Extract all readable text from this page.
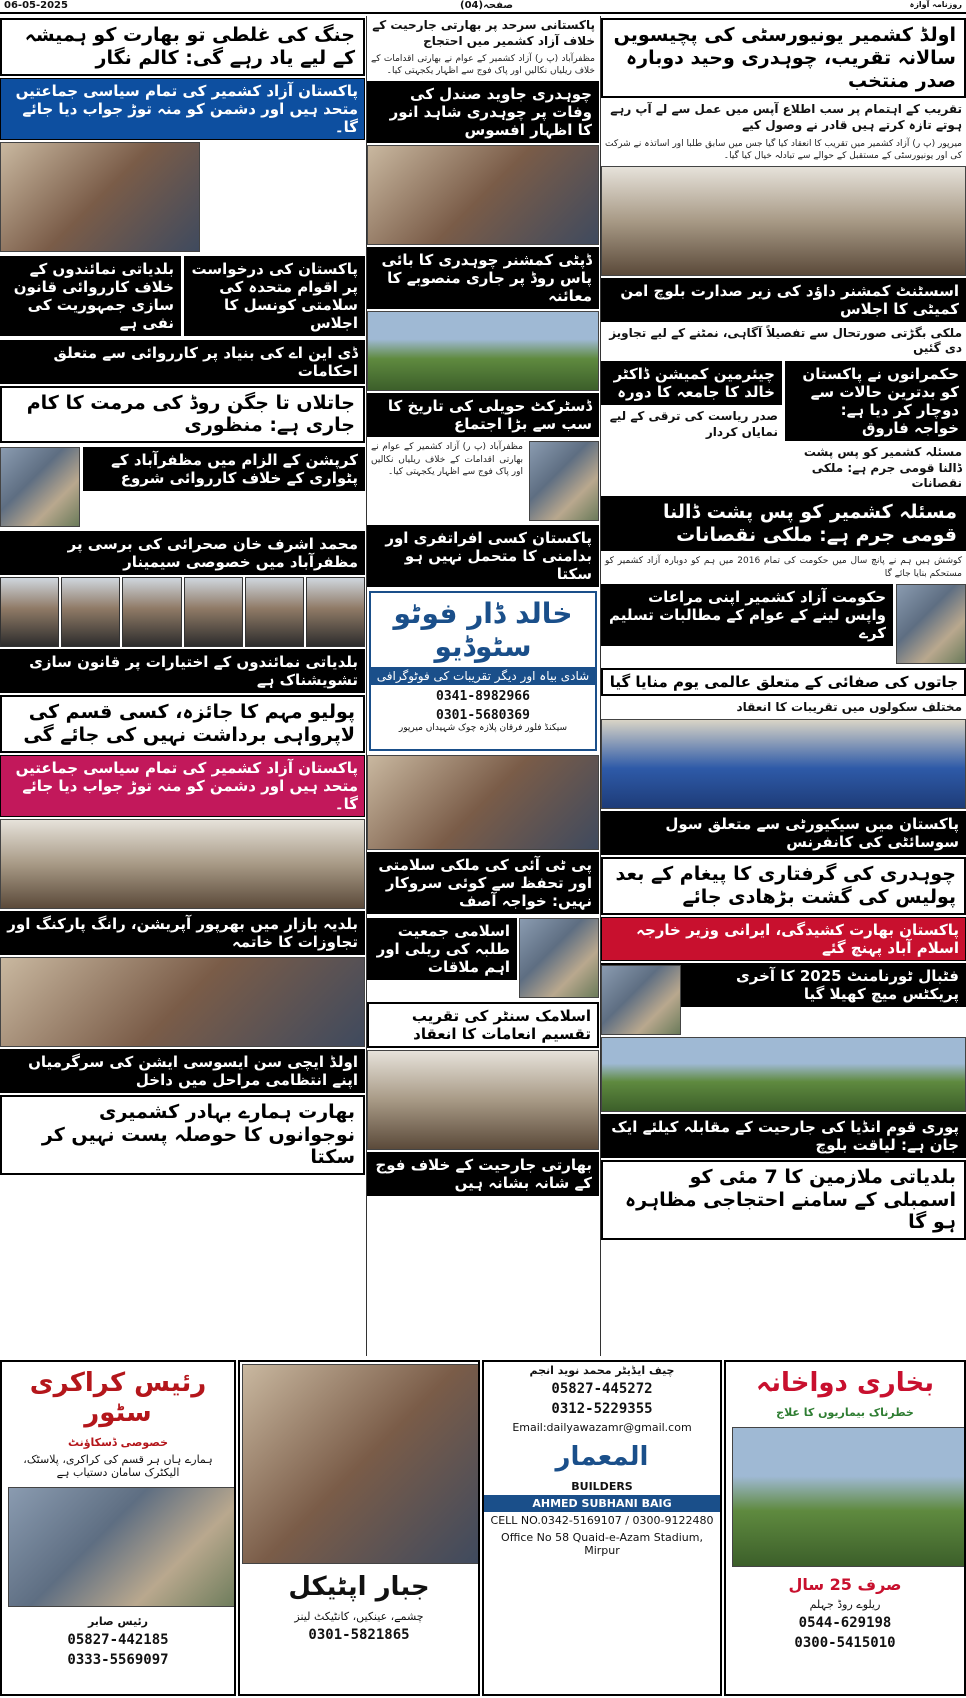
06-05-2025	صفحہ(04)	روزنامہ آوازہ
اولڈ کشمیر یونیورسٹی کی پچیسویں سالانہ تقریب، چوہدری وحید دوبارہ صدر منتخب
تقریب کے اہتمام پر سب اطلاع آپس میں عمل سے لے آپ رہے ہوتے تازہ کرتے ہیں قادر نے وصول کیے
میرپور (پ ر) آزاد کشمیر میں تقریب کا انعقاد کیا گیا جس میں سابق طلبا اور اساتذہ نے شرکت کی اور یونیورسٹی کے مستقبل کے حوالے سے تبادلہ خیال کیا گیا۔
اسسٹنٹ کمشنر داؤد کی زیر صدارت بلوچ امن کمیٹی کا اجلاس
ملکی بگڑتی صورتحال سے تفصیلاً آگاہی، نمٹنے کے لیے تجاویز دی گئیں
چیئرمین کمیشن ڈاکٹر خالد کا جامعہ کا دورہ
صدر ریاست کی ترقی کے لیے نمایاں کردار
حکمرانوں نے پاکستان کو بدترین حالات سے دوچار کر دیا ہے: خواجہ فاروق
مسئلہ کشمیر کو پس پشت ڈالنا قومی جرم ہے: ملکی نقصانات
مسئلہ کشمیر کو پس پشت ڈالنا قومی جرم ہے: ملکی نقصانات
کوشش ہیں ہم نے پانچ سال میں حکومت کی تمام 2016 میں ہم کو دوبارہ آزاد کشمیر کو مستحکم بنایا جائے گا
حکومت آزاد کشمیر اپنی مراعات واپس لینے کے عوام کے مطالبات تسلیم کرے
جاتوں کی صفائی کے متعلق عالمی یوم منایا گیا
مختلف سکولوں میں تقریبات کا انعقاد
پاکستان میں سیکیورٹی سے متعلق سول سوسائٹی کی کانفرنس
چوہدری کی گرفتاری کا پیغام کے بعد پولیس کی گشت بڑھادی جائے
پاکستان بھارت کشیدگی، ایرانی وزیر خارجہ اسلام آباد پہنچ گئے
فٹبال ٹورنامنٹ 2025 کا آخری پریکٹس میچ کھیلا گیا
پوری قوم انڈیا کی جارحیت کے مقابلہ کیلئے ایک جان ہے: لیاقت بلوچ
بلدیاتی ملازمین کا 7 مئی کو اسمبلی کے سامنے احتجاجی مظاہرہ ہو گا
پاکستانی سرحد پر بھارتی جارحیت کے خلاف آزاد کشمیر میں احتجاج
مظفرآباد (پ ر) آزاد کشمیر کے عوام نے بھارتی اقدامات کے خلاف ریلیاں نکالیں اور پاک فوج سے اظہار یکجہتی کیا۔
چوہدری جاوید صندل کی وفات پر چوہدری شاہد انور کا اظہار افسوس
ڈپٹی کمشنر چوہدری کا بائی پاس روڈ پر جاری منصوبے کا معائنہ
ڈسٹرکٹ حویلی کی تاریخ کا سب سے بڑا اجتماع
مظفرآباد (پ ر) آزاد کشمیر کے عوام نے بھارتی اقدامات کے خلاف ریلیاں نکالیں اور پاک فوج سے اظہار یکجہتی کیا۔
پاکستان کسی افراتفری اور بدامنی کا متحمل نہیں ہو سکتا
خالد ڈار فوٹو سٹوڈیو
شادی بیاہ اور دیگر تقریبات کی فوٹوگرافی
0341-8982966
0301-5680369
سیکنڈ فلور فرقان پلازہ چوک شہیداں میرپور
پی ٹی آئی کی ملکی سلامتی اور تحفظ سے کوئی سروکار نہیں: خواجہ آصف
اسلامی جمعیت طلبہ کی ریلی اور اہم ملاقات
اسلامک سنٹر کی تقریب تقسیم انعامات کا انعقاد
بھارتی جارحیت کے خلاف فوج کے شانہ بشانہ ہیں
جنگ کی غلطی تو بھارت کو ہمیشہ کے لیے یاد رہے گی: کالم نگار
پاکستان آزاد کشمیر کی تمام سیاسی جماعتیں متحد ہیں اور دشمن کو منہ توڑ جواب دیا جائے گا۔
بلدیاتی نمائندوں کے خلاف کارروائی قانون سازی جمہوریت کی نفی ہے
پاکستان کی درخواست پر اقوام متحدہ کی سلامتی کونسل کا اجلاس
ڈی این اے کی بنیاد پر کارروائی سے متعلق احکامات
جاتلاں تا جگن روڈ کی مرمت کا کام جاری ہے: منظوری
کرپشن کے الزام میں مظفرآباد کے پٹواری کے خلاف کارروائی شروع
محمد اشرف خان صحرائی کی برسی پر مظفرآباد میں خصوصی سیمینار
بلدیاتی نمائندوں کے اختیارات پر قانون سازی تشویشناک ہے
پولیو مہم کا جائزہ، کسی قسم کی لاپرواہی برداشت نہیں کی جائے گی
پاکستان آزاد کشمیر کی تمام سیاسی جماعتیں متحد ہیں اور دشمن کو منہ توڑ جواب دیا جائے گا۔
بلدیہ بازار میں بھرپور آپریشن، رانگ پارکنگ اور تجاوزات کا خاتمہ
اولڈ ایچی سن ایسوسی ایشن کی سرگرمیاں اپنے انتظامی مراحل میں داخل
بھارت ہمارے بہادر کشمیری نوجوانوں کا حوصلہ پست نہیں کر سکتا
رئیس کراکری سٹور
خصوصی ڈسکاؤنٹ
ہمارے ہاں ہر قسم کی کراکری، پلاسٹک، الیکٹرک سامان دستیاب ہے
رئیس صابر
05827-442185
0333-5569097
جبار اپٹیکل
چشمے، عینکیں، کانٹیکٹ لینز
0301-5821865
چیف ایڈیٹر محمد نوید انجم
05827-445272
0312-5229355
Email:dailyawazamr@gmail.com
المعمار
BUILDERS
AHMED SUBHANI BAIG
CELL NO.0342-5169107 / 0300-9122480
Office No 58 Quaid-e-Azam Stadium, Mirpur
بخاری دواخانہ
خطرناک بیماریوں کا علاج
صرف 25 سال
ریلوے روڈ جہلم
0544-629198
0300-5415010
